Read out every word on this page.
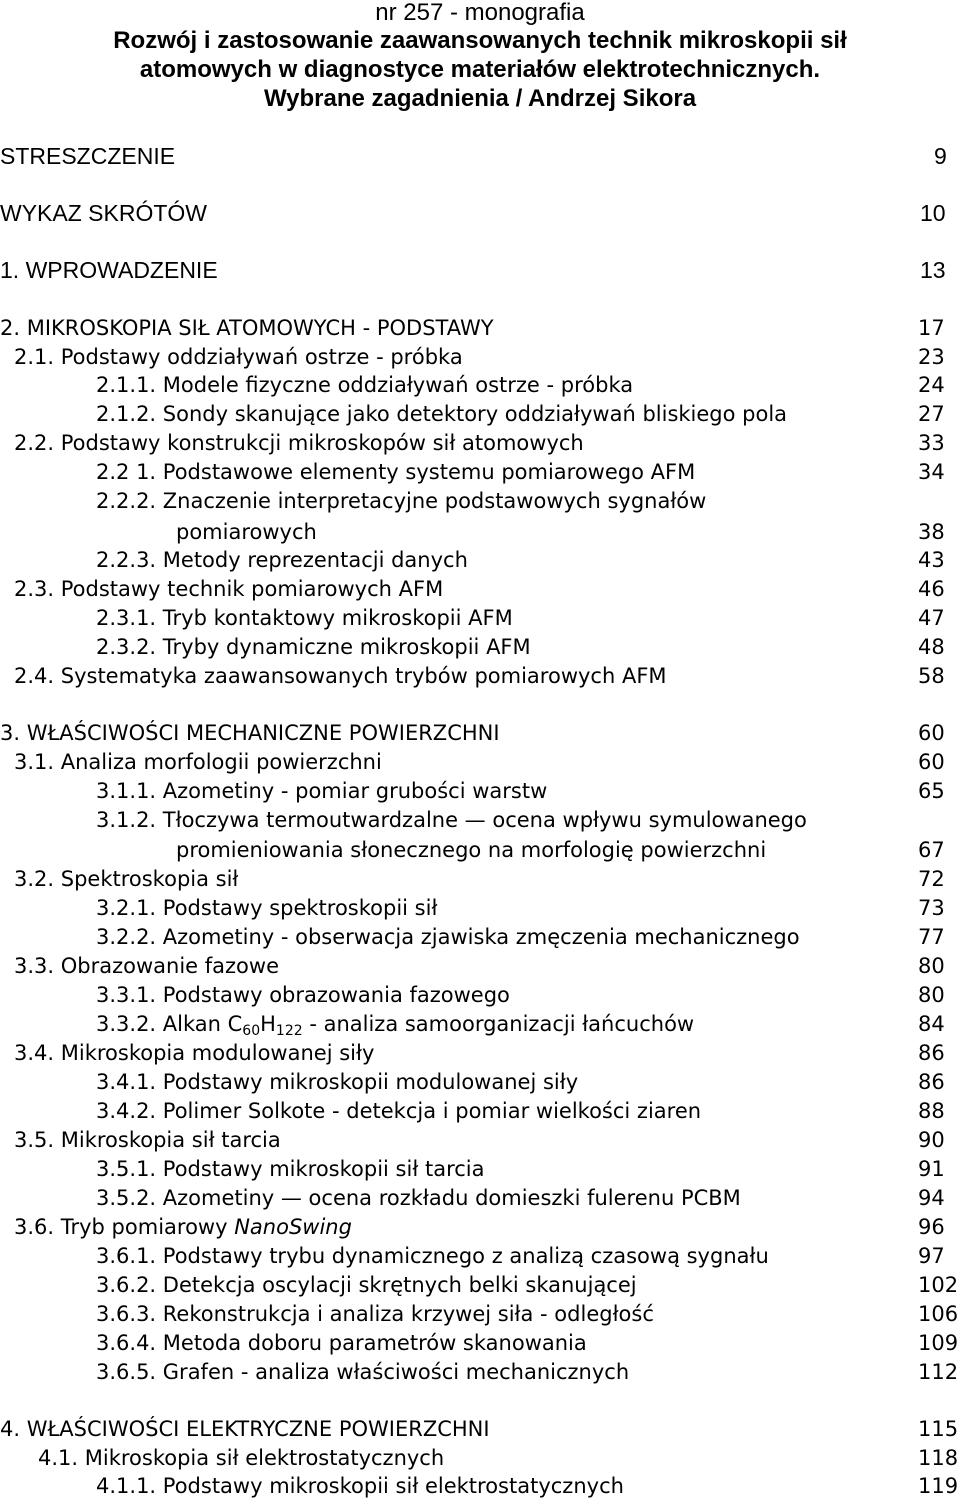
nr 257 - monografia
Rozwój i zastosowanie zaawansowanych technik mikroskopii sił
atomowych w diagnostyce materiałów elektrotechnicznych.
Wybrane zagadnienia / Andrzej Sikora
STRESZCZENIE	9
WYKAZ SKRÓTÓW	10
1. WPROWADZENIE	13
2. MIKROSKOPIA SIŁ ATOMOWYCH - PODSTAWY	17
2.1. Podstawy oddziaływań ostrze - próbka	23
2.1.1. Modele fizyczne oddziaływań ostrze - próbka	24
2.1.2. Sondy skanujące jako detektory oddziaływań bliskiego pola	27
2.2. Podstawy konstrukcji mikroskopów sił atomowych	33
2.2 1. Podstawowe elementy systemu pomiarowego AFM	34
2.2.2. Znaczenie interpretacyjne podstawowych sygnałów
pomiarowych	38
2.2.3. Metody reprezentacji danych	43
2.3. Podstawy technik pomiarowych AFM	46
2.3.1. Tryb kontaktowy mikroskopii AFM	47
2.3.2. Tryby dynamiczne mikroskopii AFM	48
2.4. Systematyka zaawansowanych trybów pomiarowych AFM	58
3. WŁAŚCIWOŚCI MECHANICZNE POWIERZCHNI	60
3.1. Analiza morfologii powierzchni	60
3.1.1. Azometiny - pomiar grubości warstw	65
3.1.2. Tłoczywa termoutwardzalne — ocena wpływu symulowanego
promieniowania słonecznego na morfologię powierzchni	67
3.2. Spektroskopia sił	72
3.2.1. Podstawy spektroskopii sił	73
3.2.2. Azometiny - obserwacja zjawiska zmęczenia mechanicznego	77
3.3. Obrazowanie fazowe	80
3.3.1. Podstawy obrazowania fazowego	80
3.3.2. Alkan $C_{60}H_{122}$ - analiza samoorganizacji łańcuchów	84
3.4. Mikroskopia modulowanej siły	86
3.4.1. Podstawy mikroskopii modulowanej siły	86
3.4.2. Polimer Solkote - detekcja i pomiar wielkości ziaren	88
3.5. Mikroskopia sił tarcia	90
3.5.1. Podstawy mikroskopii sił tarcia	91
3.5.2. Azometiny — ocena rozkładu domieszki fulerenu PCBM	94
3.6. Tryb pomiarowy NanoSwing	96
3.6.1. Podstawy trybu dynamicznego z analizą czasową sygnału	97
3.6.2. Detekcja oscylacji skrętnych belki skanującej	102
3.6.3. Rekonstrukcja i analiza krzywej siła - odległość	106
3.6.4. Metoda doboru parametrów skanowania	109
3.6.5. Grafen - analiza właściwości mechanicznych	112
4. WŁAŚCIWOŚCI ELEKTRYCZNE POWIERZCHNI	115
4.1. Mikroskopia sił elektrostatycznych	118
4.1.1. Podstawy mikroskopii sił elektrostatycznych	119
